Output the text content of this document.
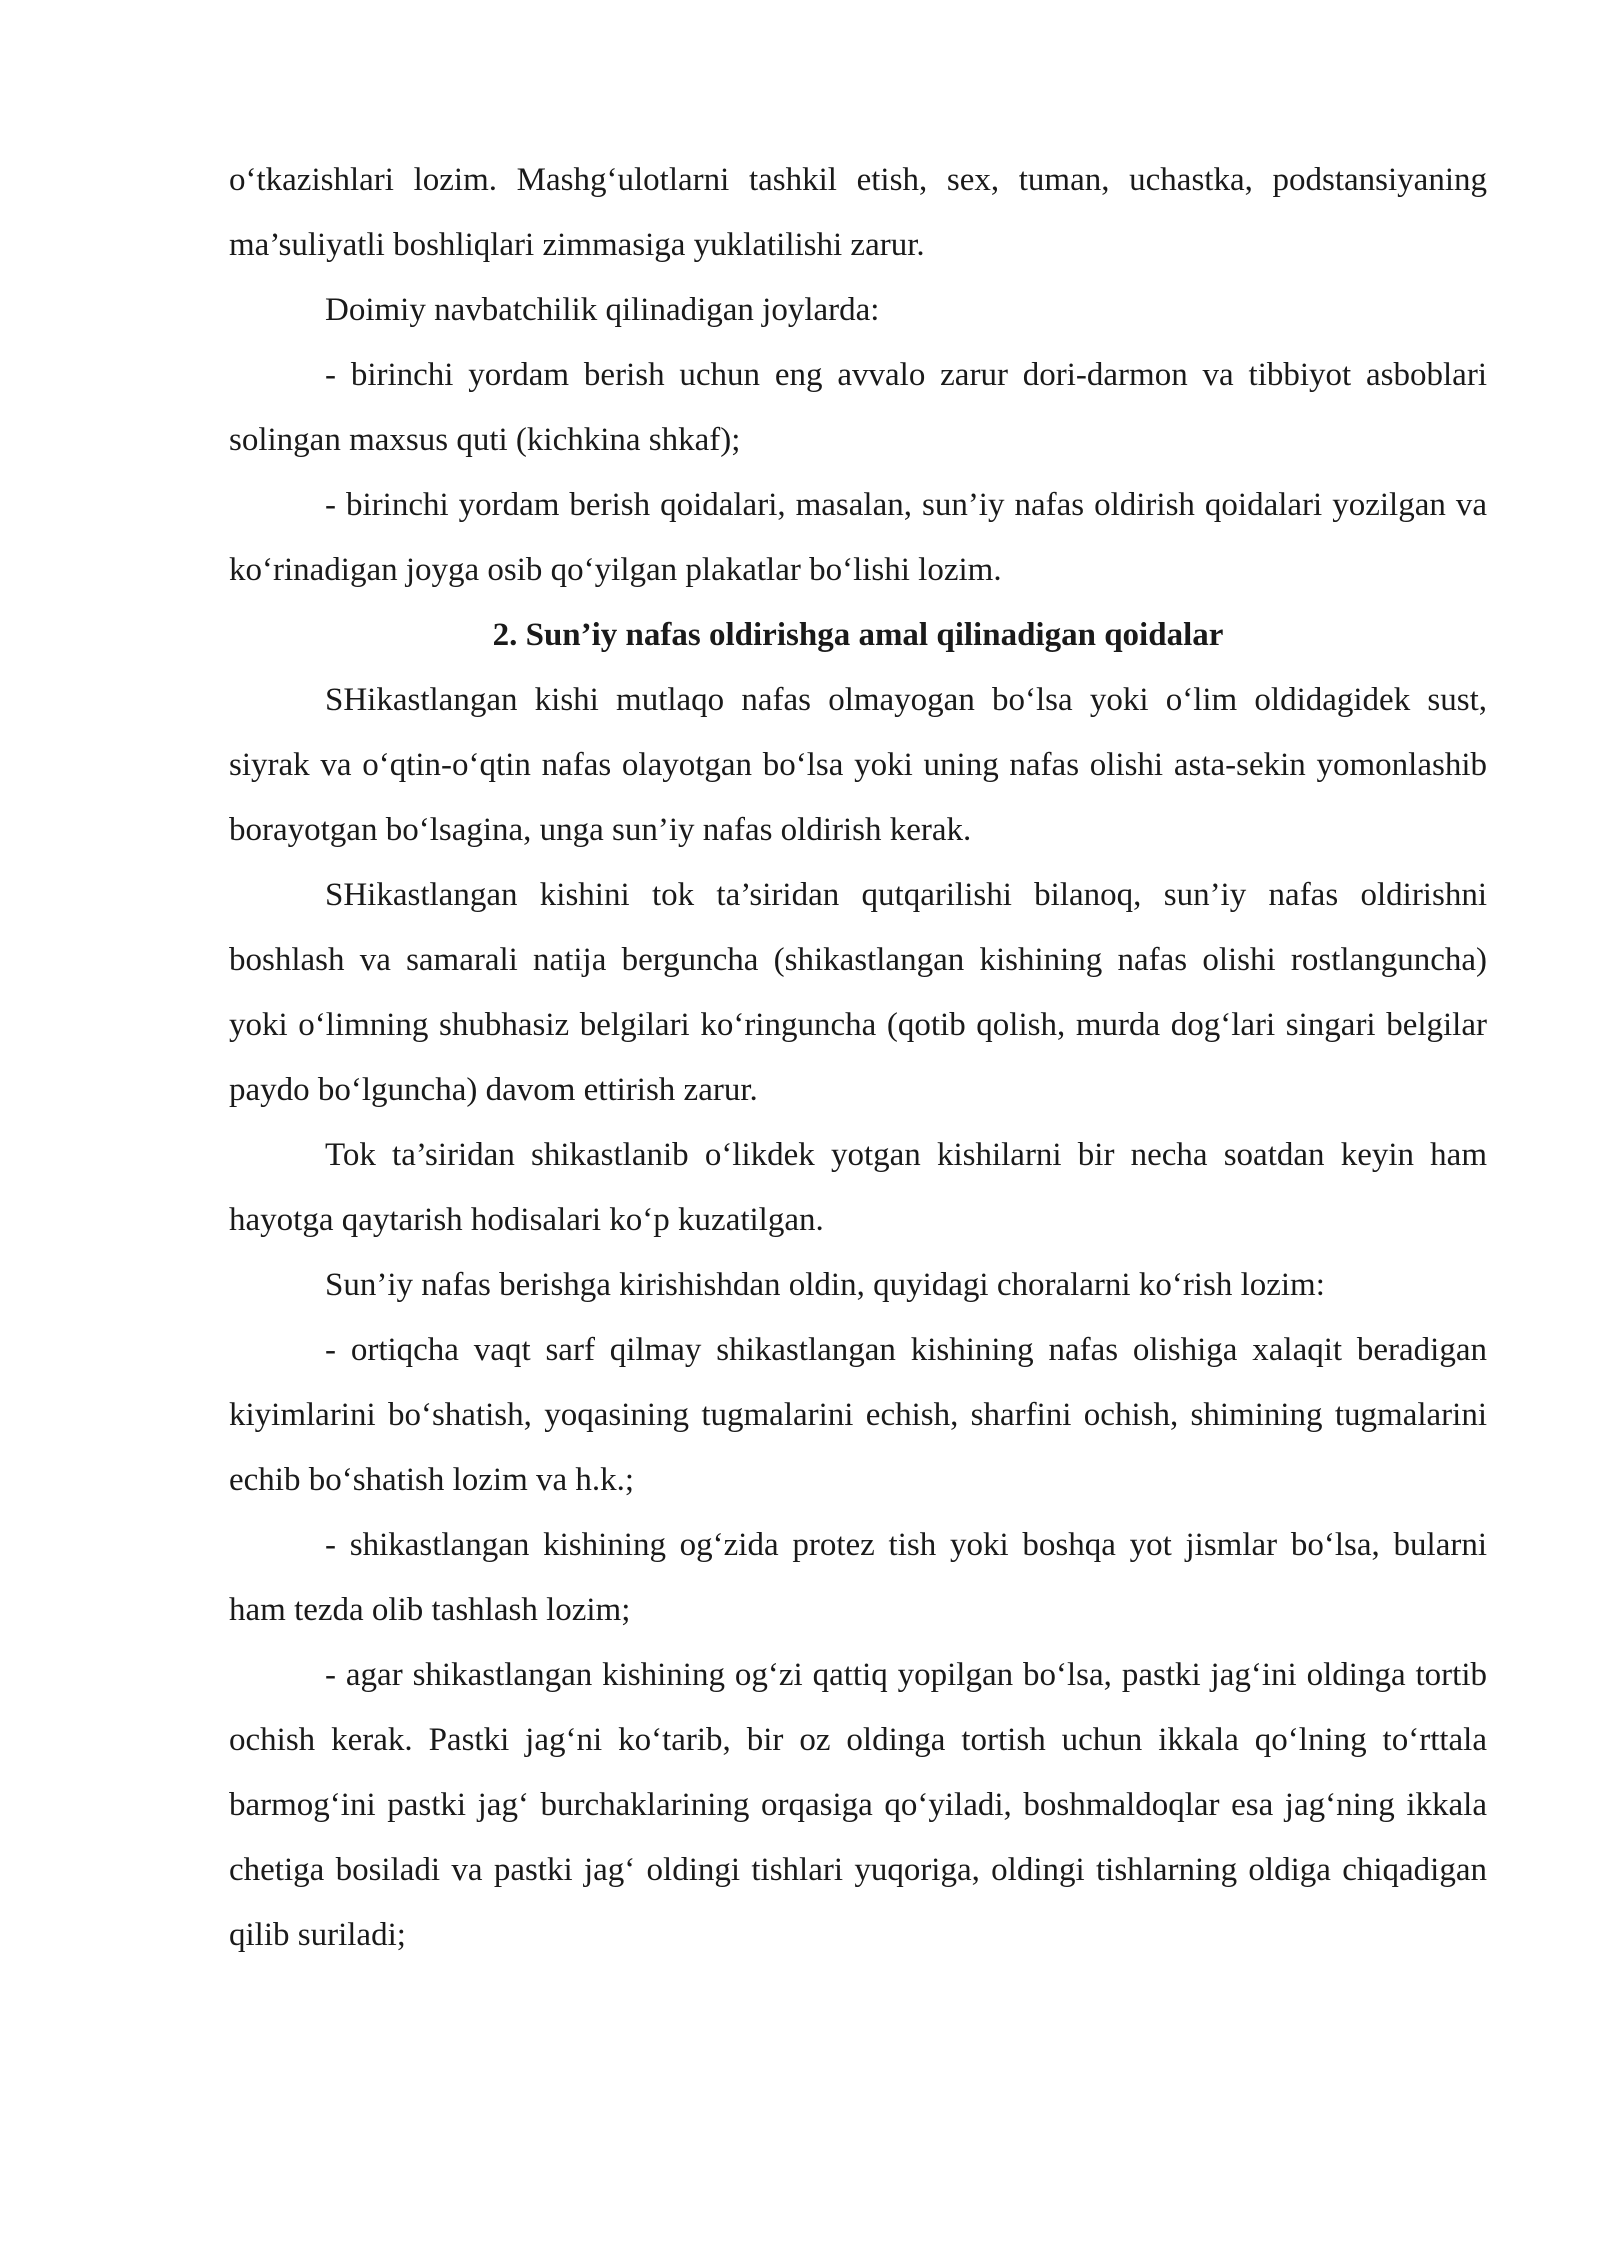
o‘tkazishlari lozim. Mashg‘ulotlarni tashkil etish, sex, tuman, uchastka, podstansiyaning ma’suliyatli boshliqlari zimmasiga yuklatilishi zarur.

Doimiy navbatchilik qilinadigan joylarda:

- birinchi yordam berish uchun eng avvalo zarur dori-darmon va tibbiyot asboblari solingan maxsus quti (kichkina shkaf);

- birinchi yordam berish qoidalari, masalan, sun’iy nafas oldirish qoidalari yozilgan va ko‘rinadigan joyga osib qo‘yilgan plakatlar bo‘lishi lozim.

2. Sun’iy nafas oldirishga amal qilinadigan qoidalar

SHikastlangan kishi mutlaqo nafas olmayogan bo‘lsa yoki o‘lim oldidagidek sust, siyrak va o‘qtin-o‘qtin nafas olayotgan bo‘lsa yoki uning nafas olishi asta-sekin yomonlashib borayotgan bo‘lsagina, unga sun’iy nafas oldirish kerak.

SHikastlangan kishini tok ta’siridan qutqarilishi bilanoq, sun’iy nafas oldirishni boshlash va samarali natija berguncha (shikastlangan kishining nafas olishi rostlanguncha) yoki o‘limning shubhasiz belgilari ko‘ringuncha (qotib qolish, murda dog‘lari singari belgilar paydo bo‘lguncha) davom ettirish zarur.

Tok ta’siridan shikastlanib o‘likdek yotgan kishilarni bir necha soatdan keyin ham hayotga qaytarish hodisalari ko‘p kuzatilgan.

Sun’iy nafas berishga kirishishdan oldin, quyidagi choralarni ko‘rish lozim:

- ortiqcha vaqt sarf qilmay shikastlangan kishining nafas olishiga xalaqit beradigan kiyimlarini bo‘shatish, yoqasining tugmalarini echish, sharfini ochish, shimining tugmalarini echib bo‘shatish lozim va h.k.;

- shikastlangan kishining og‘zida protez tish yoki boshqa yot jismlar bo‘lsa, bularni ham tezda olib tashlash lozim;

- agar shikastlangan kishining og‘zi qattiq yopilgan bo‘lsa, pastki jag‘ini oldinga tortib ochish kerak. Pastki jag‘ni ko‘tarib, bir oz oldinga tortish uchun ikkala qo‘lning to‘rttala barmog‘ini pastki jag‘ burchaklarining orqasiga qo‘yiladi, boshmaldoqlar esa jag‘ning ikkala chetiga bosiladi va pastki jag‘ oldingi tishlari yuqoriga, oldingi tishlarning oldiga chiqadigan qilib suriladi;
